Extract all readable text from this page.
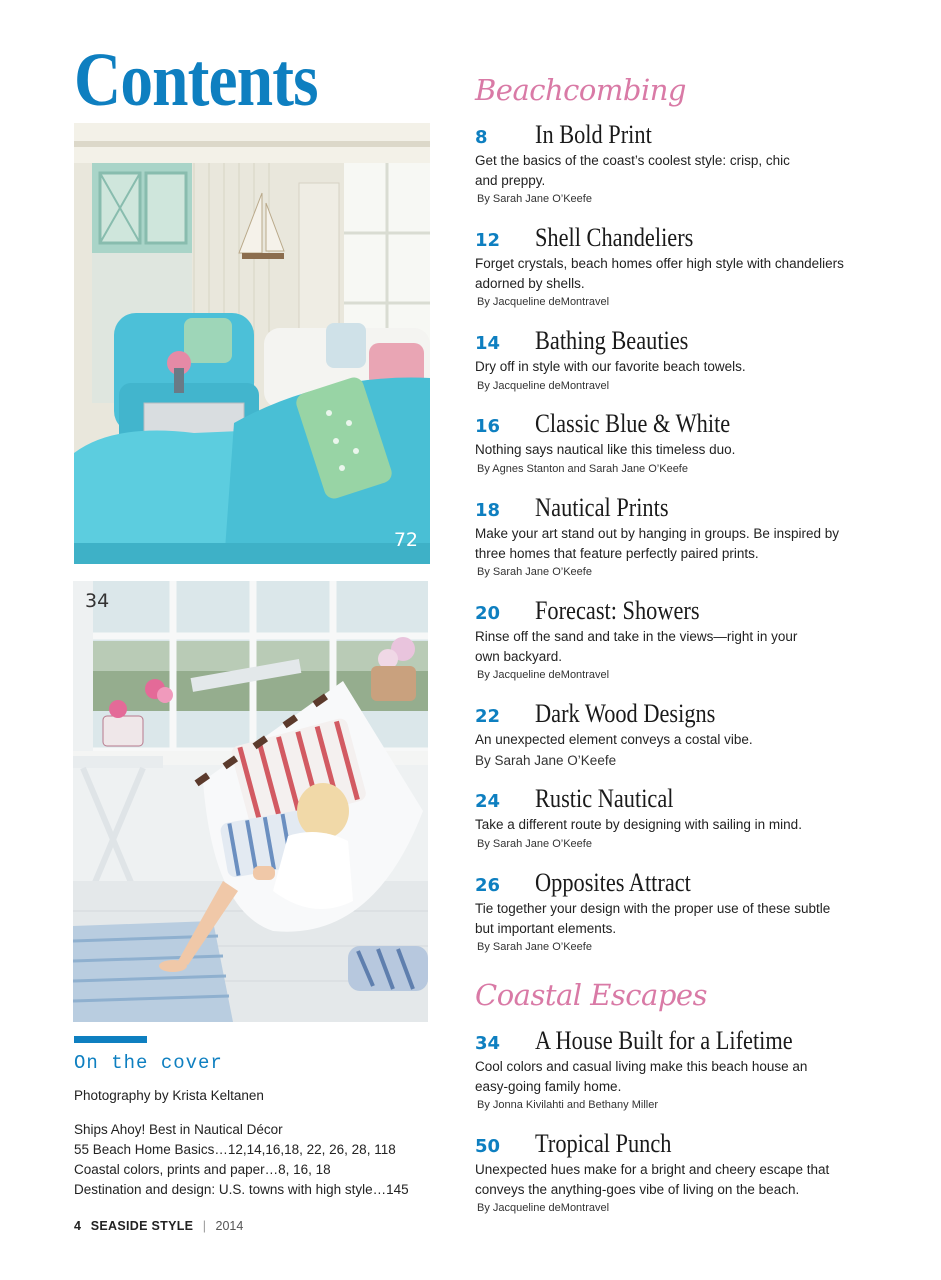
Contents
72
34
On the cover
Photography by Krista Keltanen
Ships Ahoy! Best in Nautical Décor
55 Beach Home Basics…12,14,16,18, 22, 26, 28, 118
Coastal colors, prints and paper…8, 16, 18
Destination and design: U.S. towns with high style…145
4 SEASIDE STYLE | 2014
Beachcombing
8 In Bold Print

Get the basics of the coast’s coolest style: crisp, chic
and preppy.

By Sarah Jane O’Keefe

12 Shell Chandeliers

Forget crystals, beach homes offer high style with chandeliers
adorned by shells.

By Jacqueline deMontravel

14 Bathing Beauties

Dry off in style with our favorite beach towels.

By Jacqueline deMontravel

16 Classic Blue & White

Nothing says nautical like this timeless duo.

By Agnes Stanton and Sarah Jane O’Keefe

18 Nautical Prints

Make your art stand out by hanging in groups. Be inspired by
three homes that feature perfectly paired prints.

By Sarah Jane O’Keefe

20 Forecast: Showers

Rinse off the sand and take in the views—right in your
own backyard.

By Jacqueline deMontravel

22 Dark Wood Designs

An unexpected element conveys a costal vibe.

By Sarah Jane O’Keefe

24 Rustic Nautical

Take a different route by designing with sailing in mind.

By Sarah Jane O’Keefe

26 Opposites Attract

Tie together your design with the proper use of these subtle
but important elements.

By Sarah Jane O’Keefe

Coastal Escapes
34 A House Built for a Lifetime

Cool colors and casual living make this beach house an
easy-going family home.

By Jonna Kivilahti and Bethany Miller

50 Tropical Punch

Unexpected hues make for a bright and cheery escape that
conveys the anything-goes vibe of living on the beach.

By Jacqueline deMontravel
